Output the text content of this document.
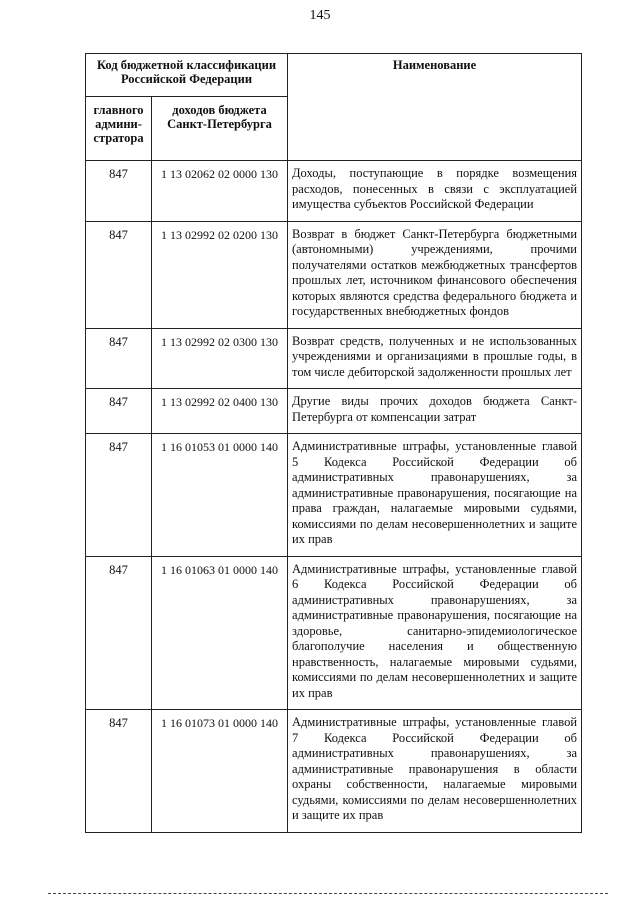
145
Код бюджетной классификации Российской Федерации		Наименование
главного админи-стратора	доходов бюджета Санкт-Петербурга	
847	1 13 02062 02 0000 130	Доходы, поступающие в порядке возмещения расходов, понесенных в связи с эксплуатацией имущества субъектов Российской Федерации
847	1 13 02992 02 0200 130	Возврат в бюджет Санкт-Петербурга бюджетными (автономными) учреждениями, прочими получателями остатков межбюджетных трансфертов прошлых лет, источником финансового обеспечения которых являются средства федерального бюджета и государственных внебюджетных фондов
847	1 13 02992 02 0300 130	Возврат средств, полученных и не использованных учреждениями и организациями в прошлые годы, в том числе дебиторской задолженности прошлых лет
847	1 13 02992 02 0400 130	Другие виды прочих доходов бюджета Санкт-Петербурга от компенсации затрат
847	1 16 01053 01 0000 140	Административные штрафы, установленные главой 5 Кодекса Российской Федерации об административных правонарушениях, за административные правонарушения, посягающие на права граждан, налагаемые мировыми судьями, комиссиями по делам несовершеннолетних и защите их прав
847	1 16 01063 01 0000 140	Административные штрафы, установленные главой 6 Кодекса Российской Федерации об административных правонарушениях, за административные правонарушения, посягающие на здоровье, санитарно-эпидемиологическое благополучие населения и общественную нравственность, налагаемые мировыми судьями, комиссиями по делам несовершеннолетних и защите их прав
847	1 16 01073 01 0000 140	Административные штрафы, установленные главой 7 Кодекса Российской Федерации об административных правонарушениях, за административные правонарушения в области охраны собственности, налагаемые мировыми судьями, комиссиями по делам несовершеннолетних и защите их прав
